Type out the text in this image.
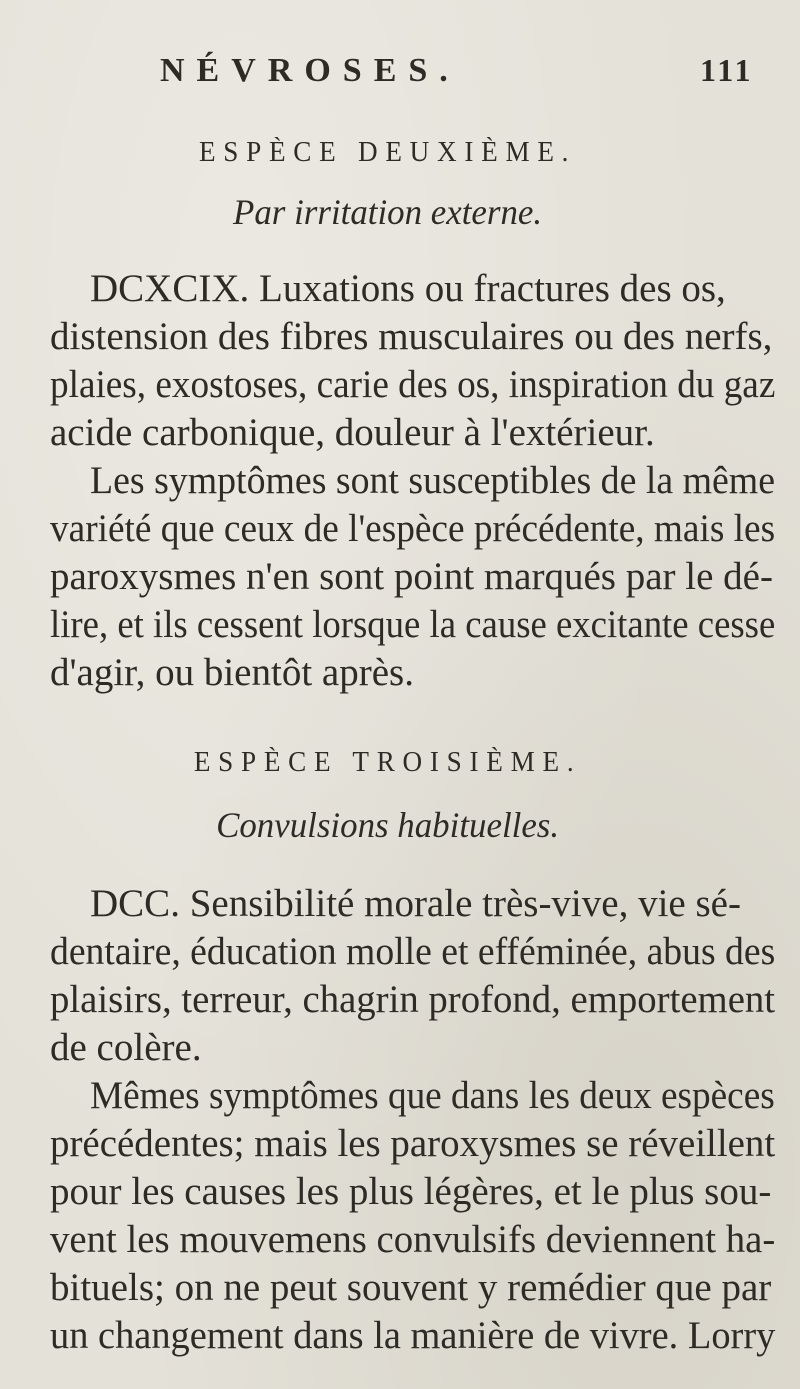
NÉVROSES.	111
ESPÈCE DEUXIÈME.
Par irritation externe.
DCXCIX. Luxations ou fractures des os,
distension des fibres musculaires ou des nerfs,
plaies, exostoses, carie des os, inspiration du gaz
acide carbonique, douleur à l'extérieur.
Les symptômes sont susceptibles de la même
variété que ceux de l'espèce précédente, mais les
paroxysmes n'en sont point marqués par le dé-
lire, et ils cessent lorsque la cause excitante cesse
d'agir, ou bientôt après.
ESPÈCE TROISIÈME.
Convulsions habituelles.
DCC. Sensibilité morale très-vive, vie sé-
dentaire, éducation molle et efféminée, abus des
plaisirs, terreur, chagrin profond, emportement
de colère.
Mêmes symptômes que dans les deux espèces
précédentes; mais les paroxysmes se réveillent
pour les causes les plus légères, et le plus sou-
vent les mouvemens convulsifs deviennent ha-
bituels; on ne peut souvent y remédier que par
un changement dans la manière de vivre. Lorry
